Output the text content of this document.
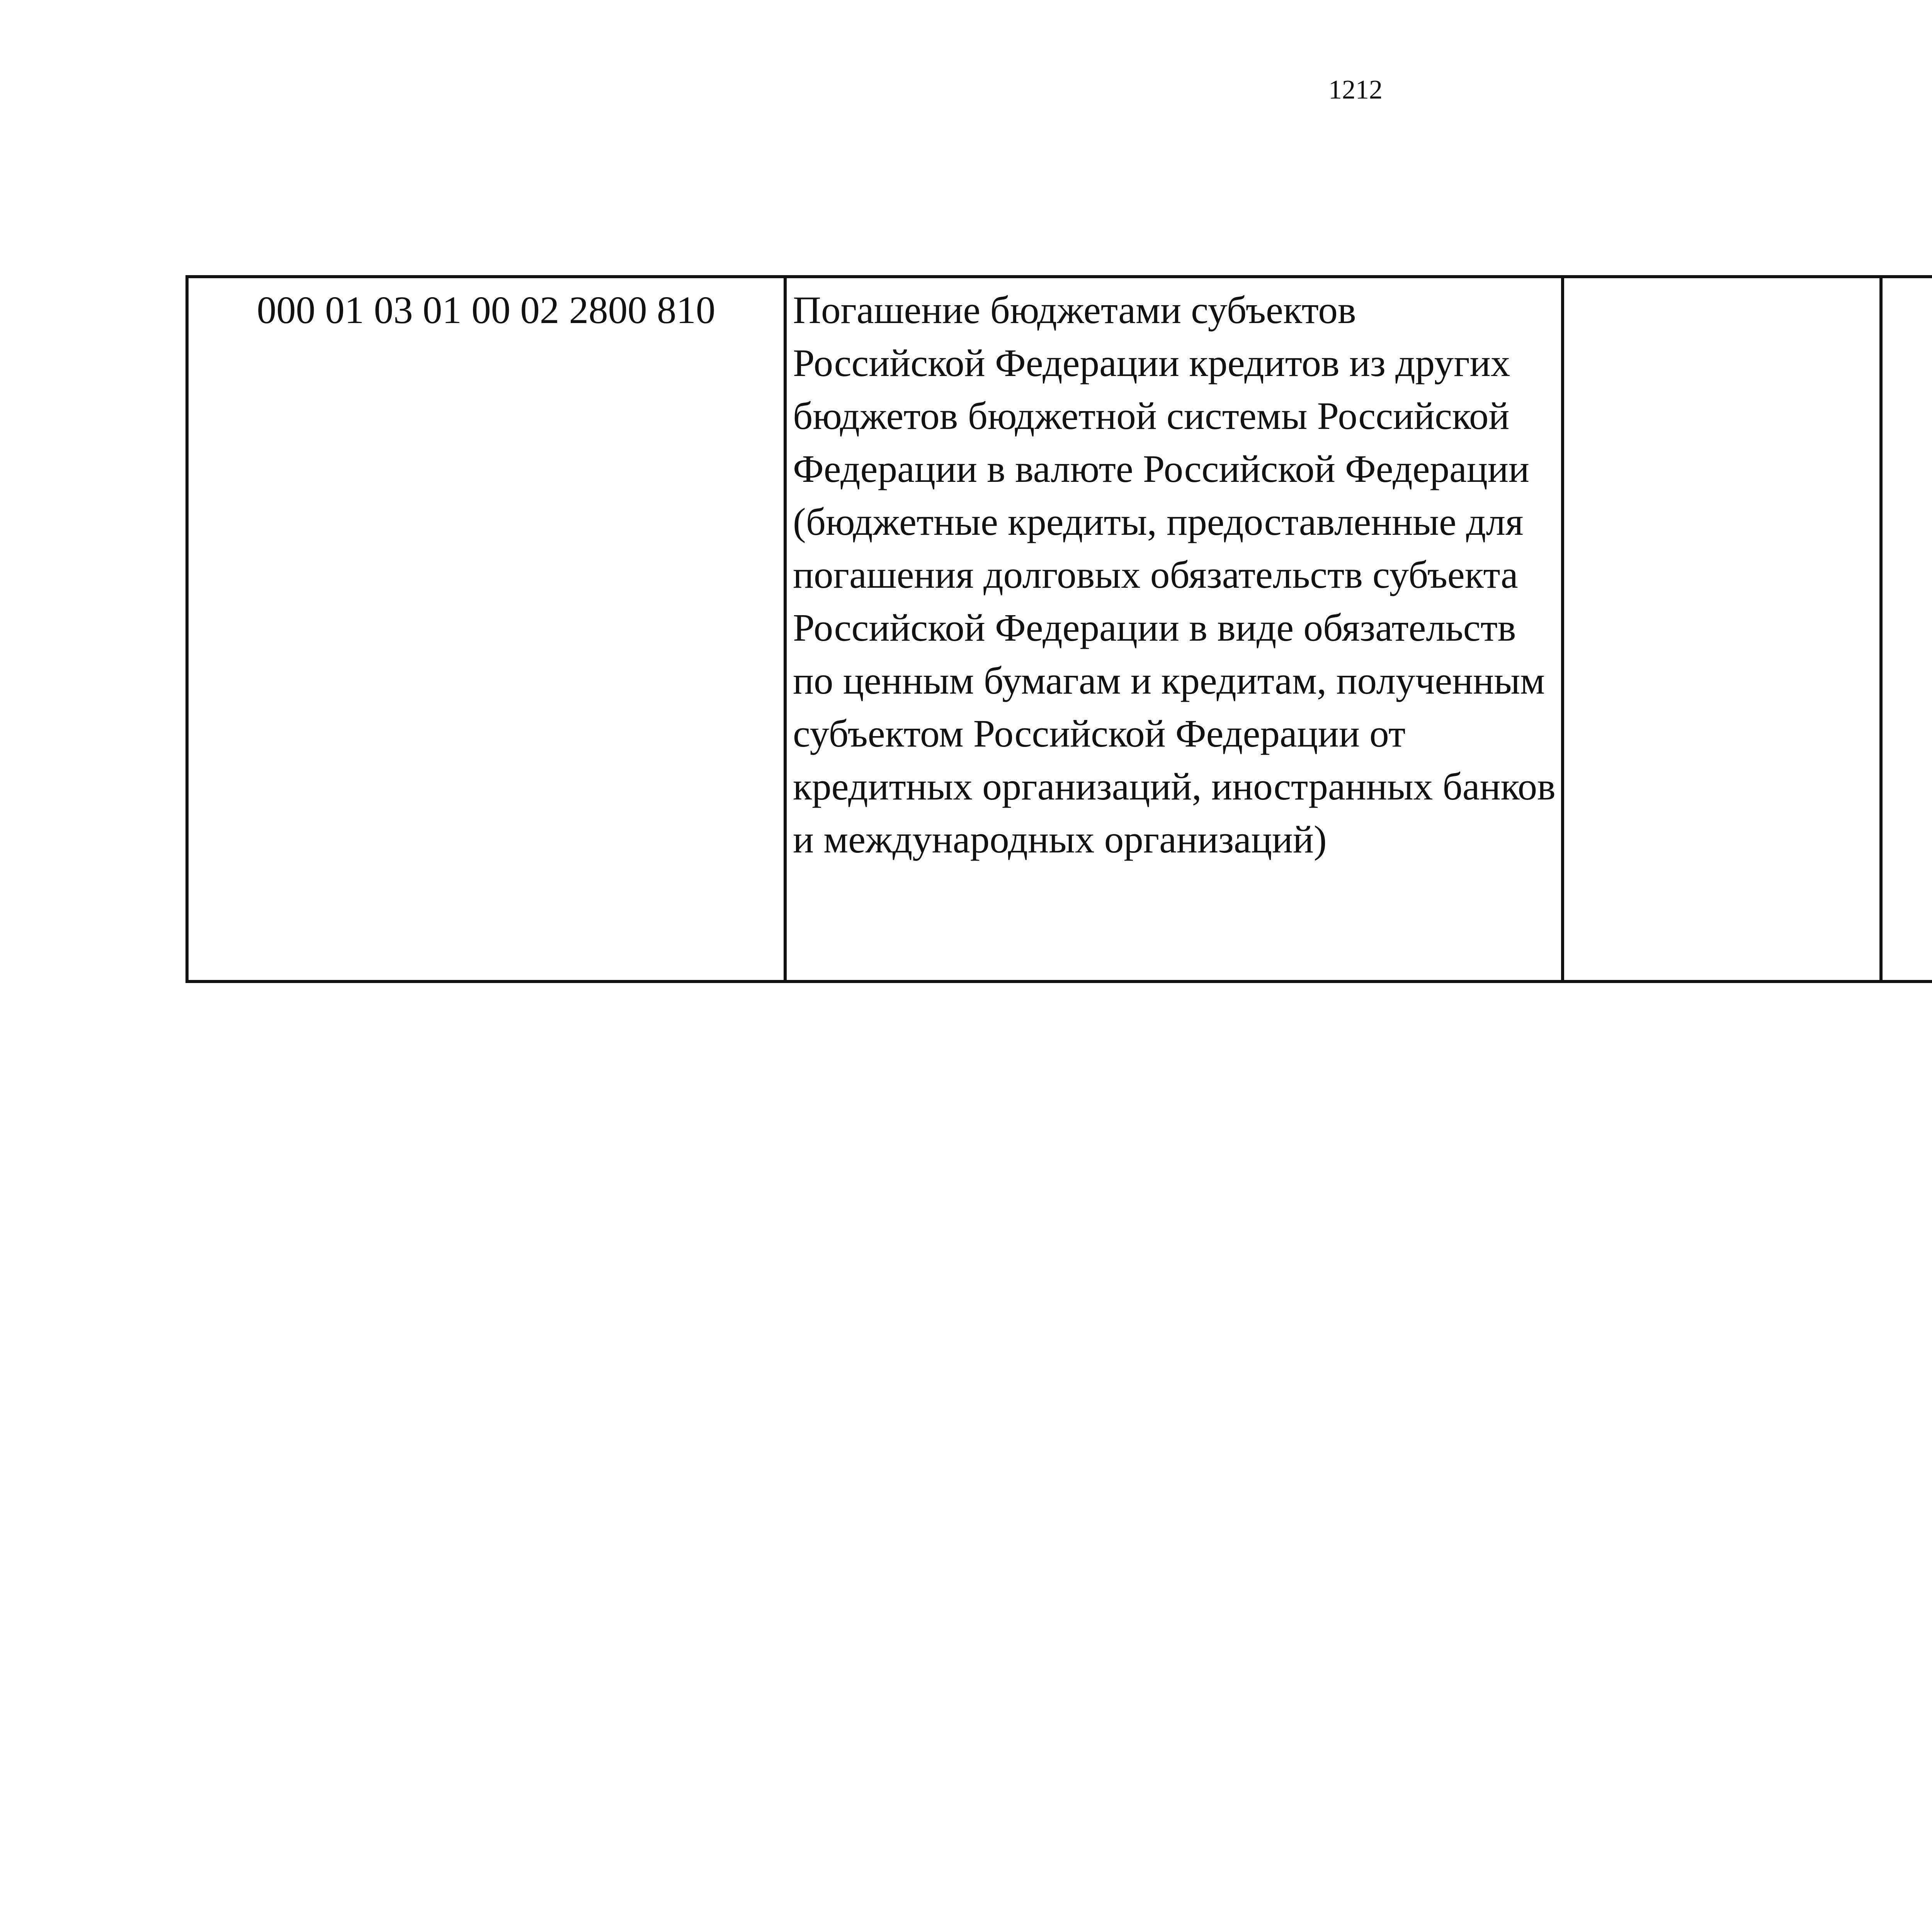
1212
000 01 03 01 00 02 2800 810	Погашение бюджетами субъектов Российской Федерации кредитов из других бюджетов бюджетной системы Российской Федерации в валюте Российской Федерации (бюджетные кредиты, предоставленные для погашения долговых обязательств субъекта Российской Федерации в виде обязательств по ценным бумагам и кредитам, полученным субъектом Российской Федерации от кредитных организаций, иностранных банков и международных организаций)			
